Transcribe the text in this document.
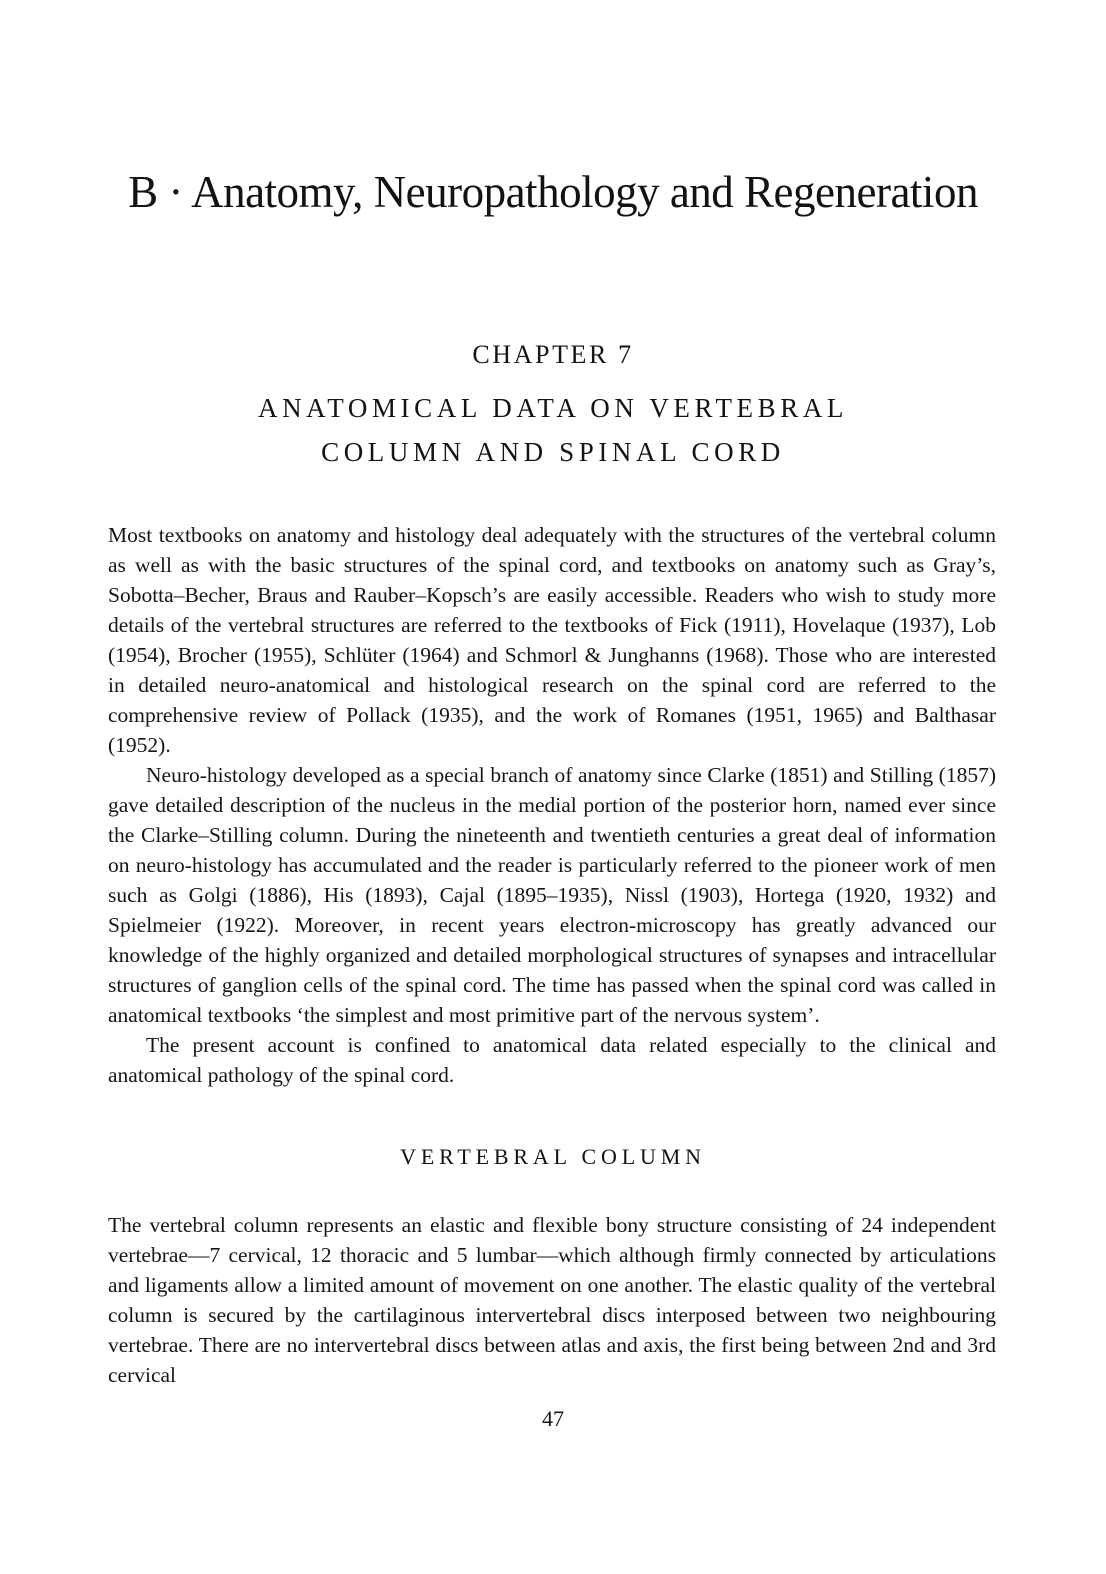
B · Anatomy, Neuropathology and Regeneration
CHAPTER 7
ANATOMICAL DATA ON VERTEBRAL
COLUMN AND SPINAL CORD

Most textbooks on anatomy and histology deal adequately with the structures of the vertebral column as well as with the basic structures of the spinal cord, and textbooks on anatomy such as Gray’s, Sobotta–Becher, Braus and Rauber–Kopsch’s are easily accessible. Readers who wish to study more details of the vertebral structures are referred to the textbooks of Fick (1911), Hovelaque (1937), Lob (1954), Brocher (1955), Schlüter (1964) and Schmorl & Junghanns (1968). Those who are interested in detailed neuro-anatomical and histological research on the spinal cord are referred to the comprehensive review of Pollack (1935), and the work of Romanes (1951, 1965) and Balthasar (1952).

Neuro-histology developed as a special branch of anatomy since Clarke (1851) and Stilling (1857) gave detailed description of the nucleus in the medial portion of the posterior horn, named ever since the Clarke–Stilling column. During the nineteenth and twentieth centuries a great deal of information on neuro-histology has accumulated and the reader is particularly referred to the pioneer work of men such as Golgi (1886), His (1893), Cajal (1895–1935), Nissl (1903), Hortega (1920, 1932) and Spielmeier (1922). Moreover, in recent years electron-microscopy has greatly advanced our knowledge of the highly organized and detailed morphological structures of synapses and intracellular structures of ganglion cells of the spinal cord. The time has passed when the spinal cord was called in anatomical textbooks ‘the simplest and most primitive part of the nervous system’.

The present account is confined to anatomical data related especially to the clinical and anatomical pathology of the spinal cord.

VERTEBRAL COLUMN

The vertebral column represents an elastic and flexible bony structure consisting of 24 independent vertebrae—7 cervical, 12 thoracic and 5 lumbar—which although firmly connected by articulations and ligaments allow a limited amount of movement on one another. The elastic quality of the vertebral column is secured by the cartilaginous intervertebral discs interposed between two neighbouring vertebrae. There are no intervertebral discs between atlas and axis, the first being between 2nd and 3rd cervical

47
